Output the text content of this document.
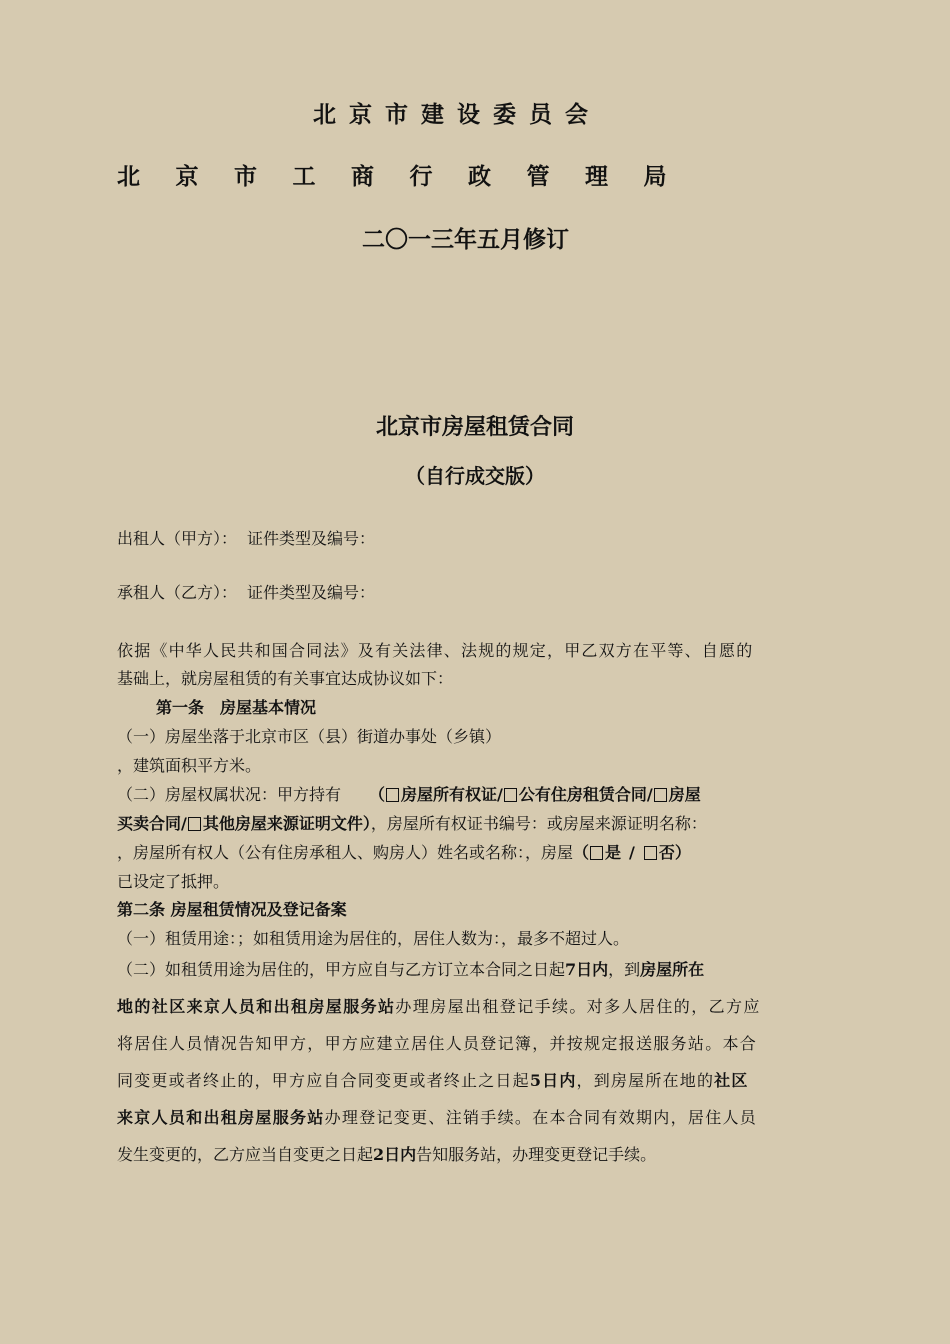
北京市建设委员会
北京市工商行政管理局
二〇一三年五月修订
北京市房屋租赁合同
（自行成交版）
出租人（甲方）： 证件类型及编号：
承租人（乙方）： 证件类型及编号：
依据《中华人民共和国合同法》及有关法律、法规的规定，甲乙双方在平等、自愿的
基础上，就房屋租赁的有关事宜达成协议如下：
第一条　房屋基本情况
（一）房屋坐落于北京市区（县）街道办事处（乡镇）
，建筑面积平方米。
（二）房屋权属状况：甲方持有 （ 房屋所有权证/ 公有住房租赁合同/ 房屋
买卖合同/ 其他房屋来源证明文件），房屋所有权证书编号：或房屋来源证明名称：
，房屋所有权人（公有住房承租人、购房人）姓名或名称：，房屋（ 是 / 否）
已设定了抵押。
第二条 房屋租赁情况及登记备案
（一）租赁用途：；如租赁用途为居住的，居住人数为：，最多不超过人。
（二）如租赁用途为居住的，甲方应自与乙方订立本合同之日起7日内，到房屋所在
地的社区来京人员和出租房屋服务站办理房屋出租登记手续。对多人居住的，乙方应
将居住人员情况告知甲方，甲方应建立居住人员登记簿，并按规定报送服务站。本合
同变更或者终止的，甲方应自合同变更或者终止之日起5日内，到房屋所在地的社区
来京人员和出租房屋服务站办理登记变更、注销手续。在本合同有效期内，居住人员
发生变更的，乙方应当自变更之日起2日内告知服务站，办理变更登记手续。
